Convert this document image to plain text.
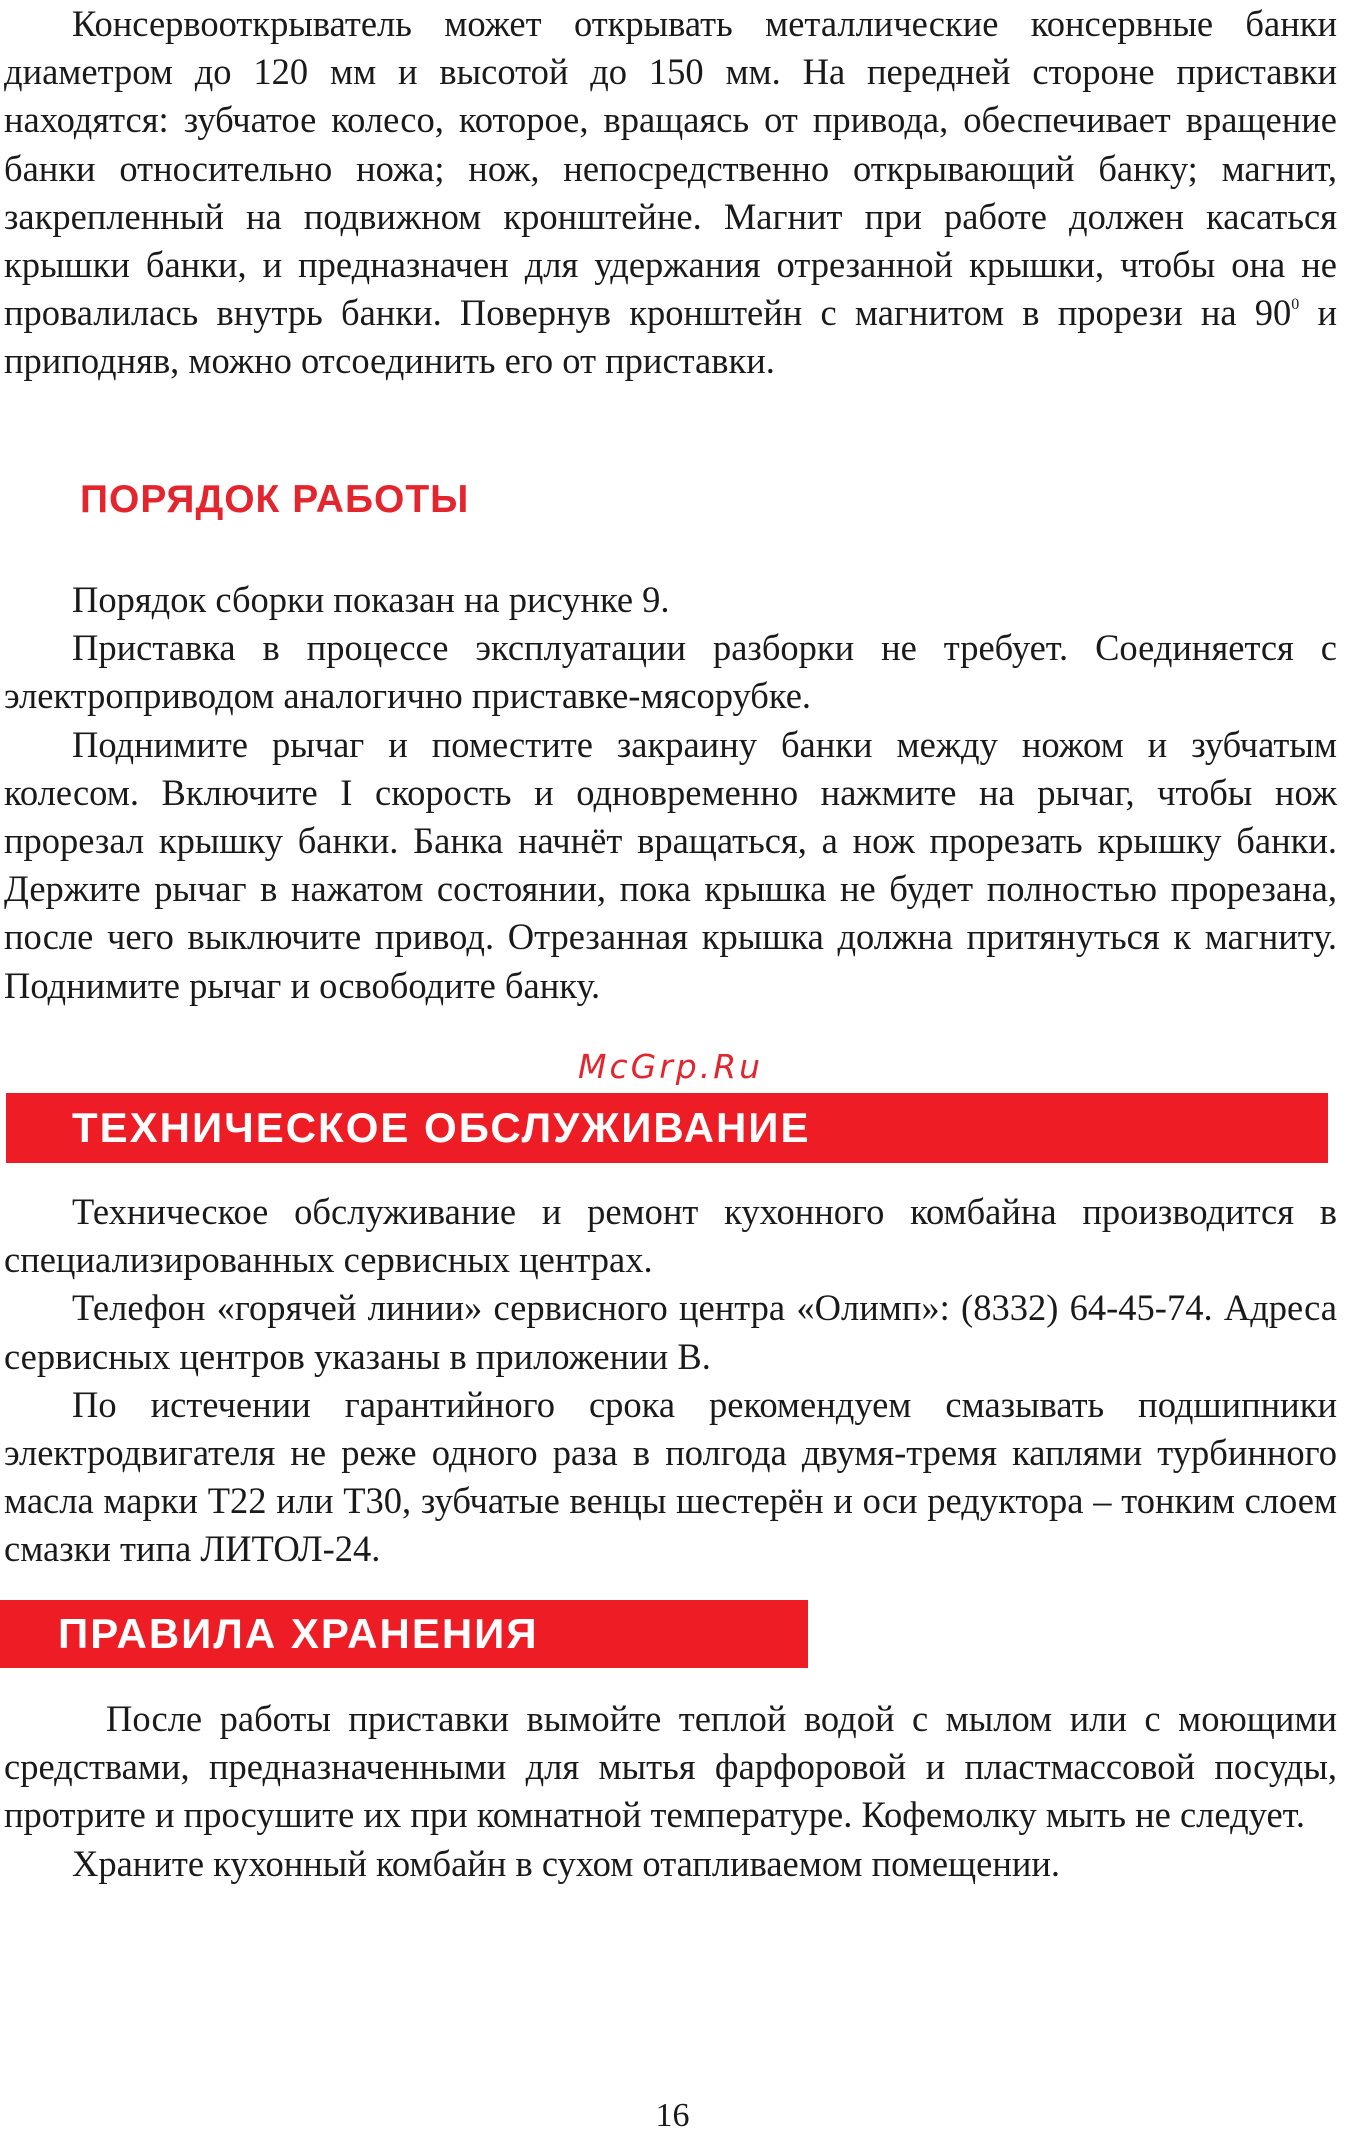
Консервооткрыватель может открывать металлические консервные банки диаметром до 120 мм и высотой до 150 мм. На передней стороне приставки находятся: зубчатое колесо, которое, вращаясь от привода, обеспечивает вращение банки относительно ножа; нож, непосредственно открывающий банку; магнит, закрепленный на подвижном кронштейне. Магнит при работе должен касаться крышки банки, и предназначен для удержания отрезанной крышки, чтобы она не провалилась внутрь банки. Повернув кронштейн с магнитом в прорези на $90^0$ и приподняв, можно отсоединить его от приставки.

ПОРЯДОК РАБОТЫ

Порядок сборки показан на рисунке 9.

Приставка в процессе эксплуатации разборки не требует. Соединяется с электроприводом аналогично приставке-мясорубке.

Поднимите рычаг и поместите закраину банки между ножом и зубчатым колесом. Включите I скорость и одновременно нажмите на рычаг, чтобы нож прорезал крышку банки. Банка начнёт вращаться, а нож прорезать крышку банки. Держите рычаг в нажатом состоянии, пока крышка не будет полностью прорезана, после чего выключите привод. Отрезанная крышка должна притянуться к магниту. Поднимите рычаг и освободите банку.

McGrp.Ru
ТЕХНИЧЕСКОЕ ОБСЛУЖИВАНИЕ

Техническое обслуживание и ремонт кухонного комбайна производится в специализированных сервисных центрах.

Телефон «горячей линии» сервисного центра «Олимп»: (8332) 64-45-74. Адреса сервисных центров указаны в приложении В.

По истечении гарантийного срока рекомендуем смазывать подшипники электродвигателя не реже одного раза в полгода двумя-тремя каплями турбинного масла марки Т22 или Т30, зубчатые венцы шестерён и оси редуктора – тонким слоем смазки типа ЛИТОЛ-24.

ПРАВИЛА ХРАНЕНИЯ

После работы приставки вымойте теплой водой с мылом или с моющими средствами, предназначенными для мытья фарфоровой и пластмассовой посуды, протрите и просушите их при комнатной температуре. Кофемолку мыть не следует.

Храните кухонный комбайн в сухом отапливаемом помещении.

16
